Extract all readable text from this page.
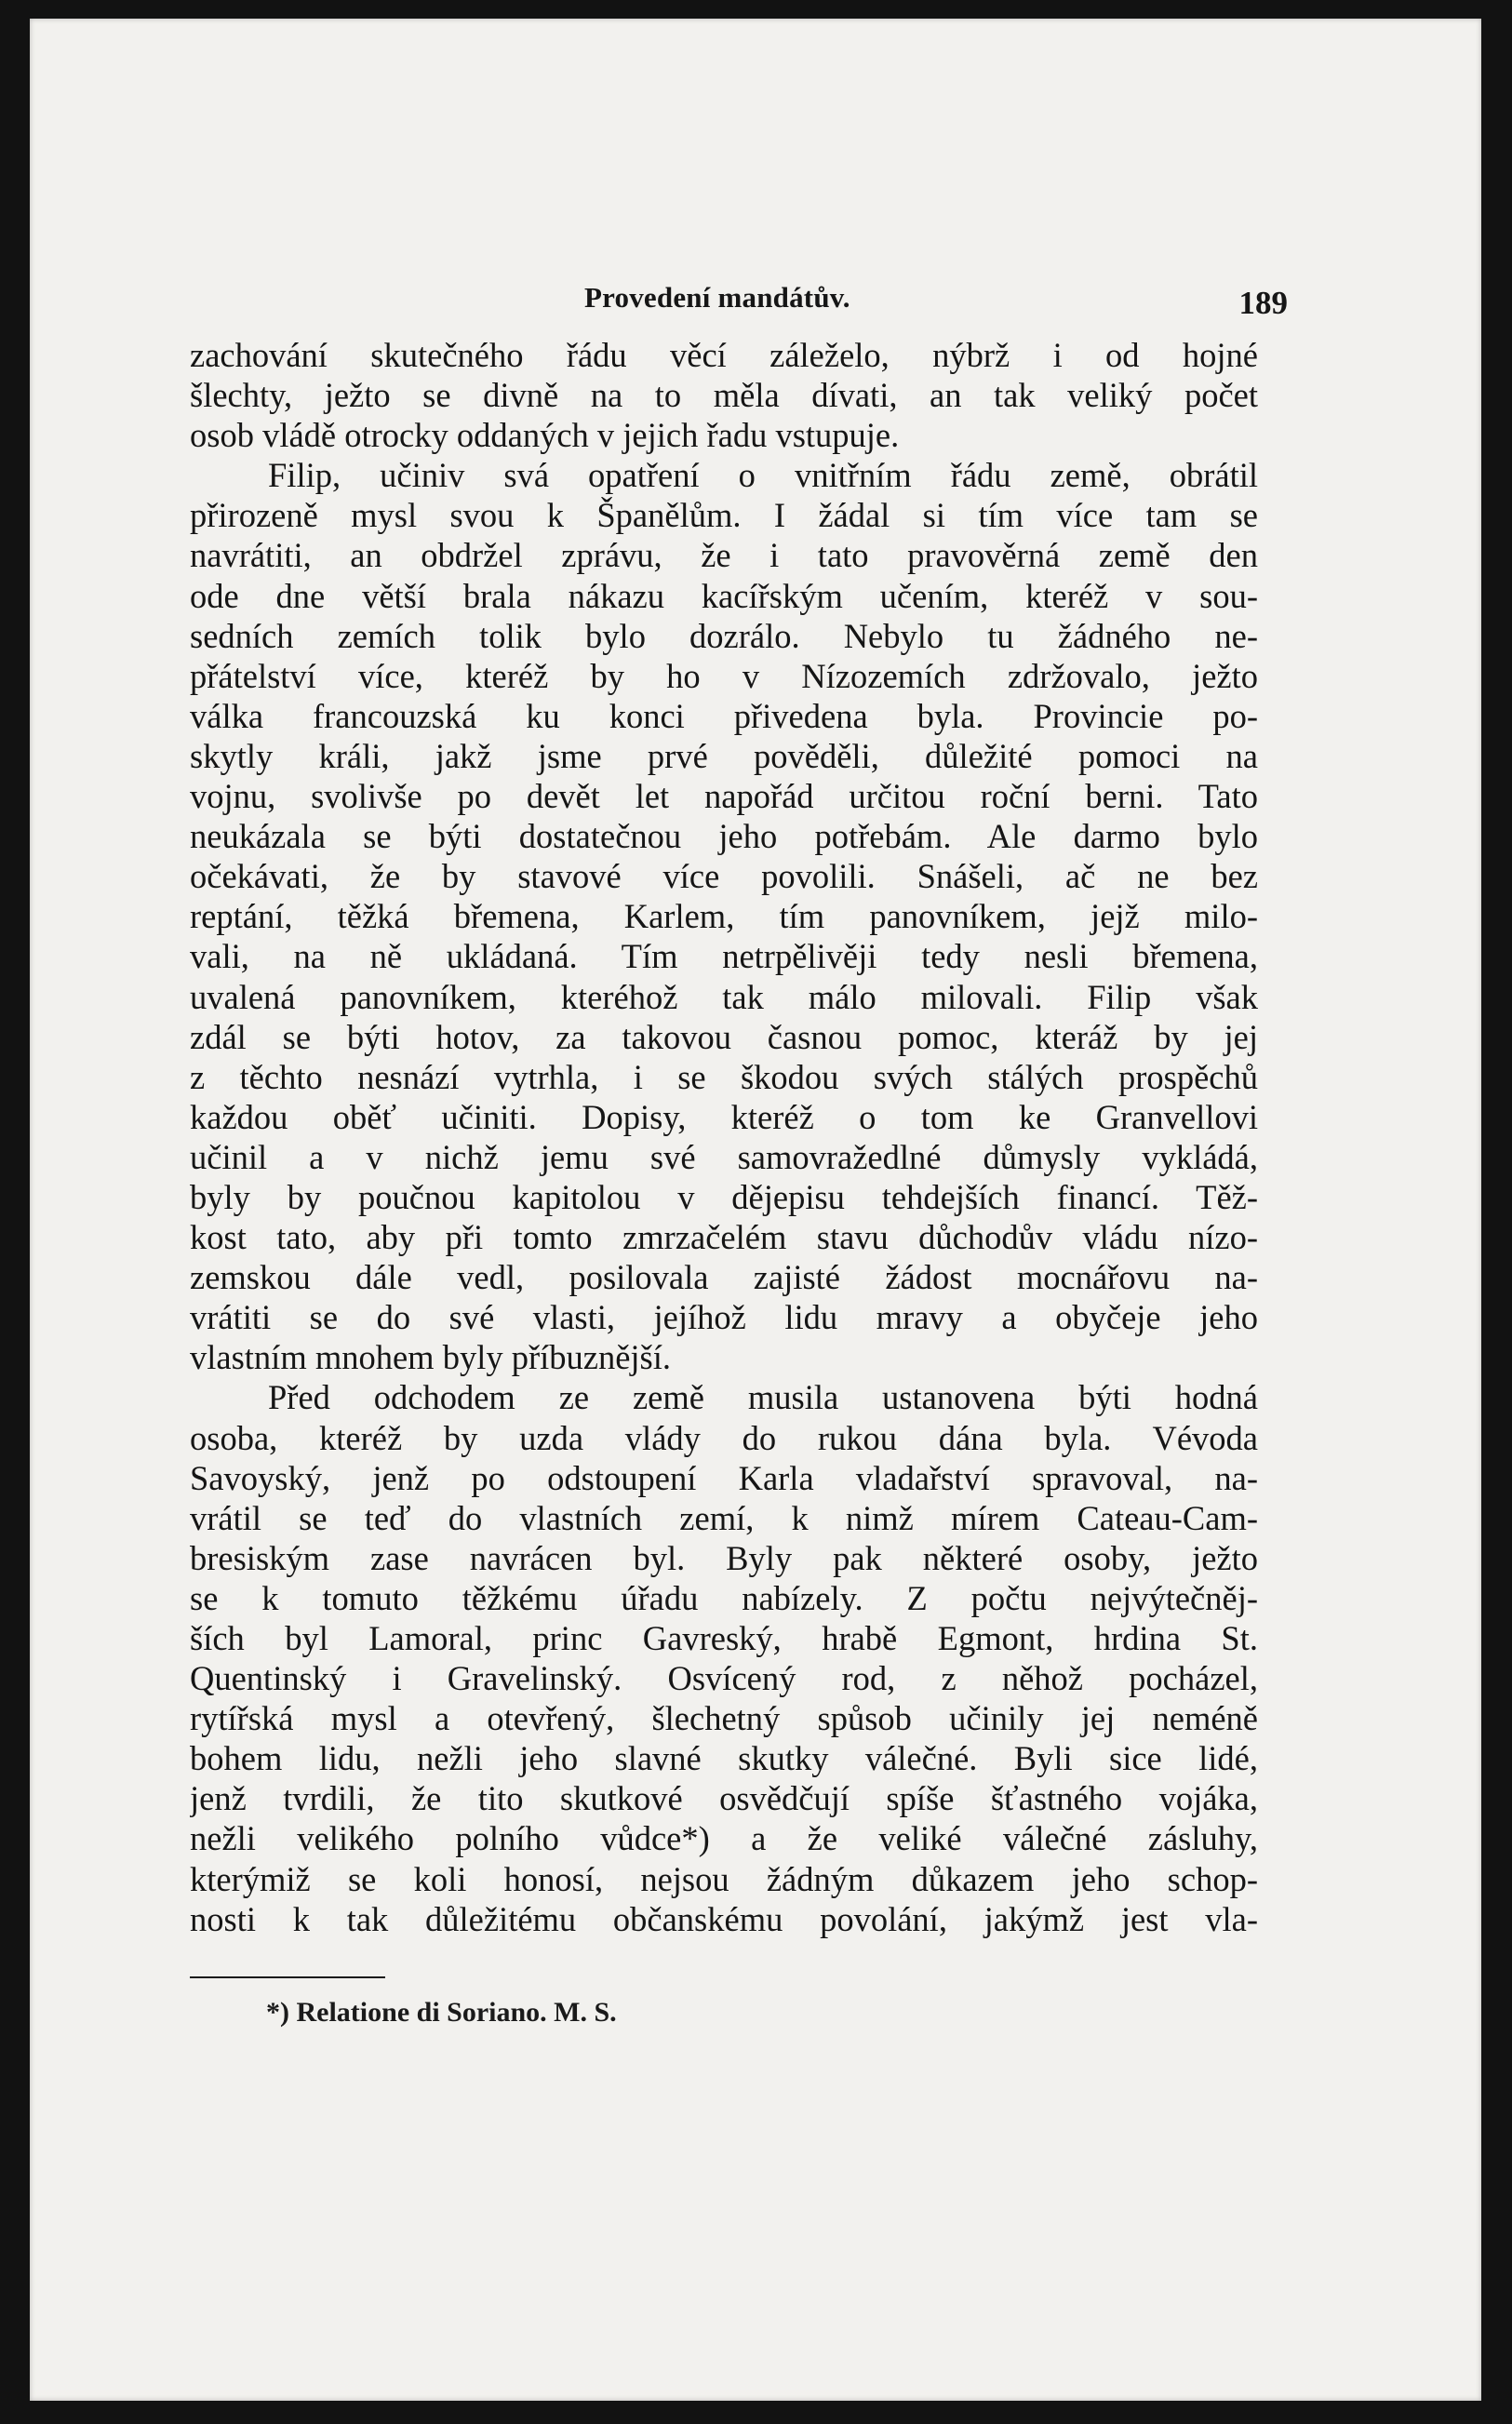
Provedení mandátův.	189
zachování skutečného řádu věcí záleželo, nýbrž i od hojné
šlechty, ježto se divně na to měla dívati, an tak veliký počet
osob vládě otrocky oddaných v jejich řadu vstupuje.
Filip, učiniv svá opatření o vnitřním řádu země, obrátil
přirozeně mysl svou k Španělům. I žádal si tím více tam se
navrátiti, an obdržel zprávu, že i tato pravověrná země den
ode dne větší brala nákazu kacířským učením, kteréž v sou-
sedních zemích tolik bylo dozrálo. Nebylo tu žádného ne-
přátelství více, kteréž by ho v Nízozemích zdržovalo, ježto
válka francouzská ku konci přivedena byla. Provincie po-
skytly králi, jakž jsme prvé pověděli, důležité pomoci na
vojnu, svolivše po devět let napořád určitou roční berni. Tato
neukázala se býti dostatečnou jeho potřebám. Ale darmo bylo
očekávati, že by stavové více povolili. Snášeli, ač ne bez
reptání, těžká břemena, Karlem, tím panovníkem, jejž milo-
vali, na ně ukládaná. Tím netrpělivěji tedy nesli břemena,
uvalená panovníkem, kteréhož tak málo milovali. Filip však
zdál se býti hotov, za takovou časnou pomoc, kteráž by jej
z těchto nesnází vytrhla, i se škodou svých stálých prospěchů
každou oběť učiniti. Dopisy, kteréž o tom ke Granvellovi
učinil a v nichž jemu své samovražedlné důmysly vykládá,
byly by poučnou kapitolou v dějepisu tehdejších financí. Těž-
kost tato, aby při tomto zmrzačelém stavu důchodův vládu nízo-
zemskou dále vedl, posilovala zajisté žádost mocnářovu na-
vrátiti se do své vlasti, jejíhož lidu mravy a obyčeje jeho
vlastním mnohem byly příbuznější.
Před odchodem ze země musila ustanovena býti hodná
osoba, kteréž by uzda vlády do rukou dána byla. Vévoda
Savoyský, jenž po odstoupení Karla vladařství spravoval, na-
vrátil se teď do vlastních zemí, k nimž mírem Cateau-Cam-
bresiským zase navrácen byl. Byly pak některé osoby, ježto
se k tomuto těžkému úřadu nabízely. Z počtu nejvýtečněj-
ších byl Lamoral, princ Gavreský, hrabě Egmont, hrdina St.
Quentinský i Gravelinský. Osvícený rod, z něhož pocházel,
rytířská mysl a otevřený, šlechetný spůsob učinily jej neméně
bohem lidu, nežli jeho slavné skutky válečné. Byli sice lidé,
jenž tvrdili, že tito skutkové osvědčují spíše šťastného vojáka,
nežli velikého polního vůdce*) a že veliké válečné zásluhy,
kterýmiž se koli honosí, nejsou žádným důkazem jeho schop-
nosti k tak důležitému občanskému povolání, jakýmž jest vla-
*) Relatione di Soriano. M. S.
